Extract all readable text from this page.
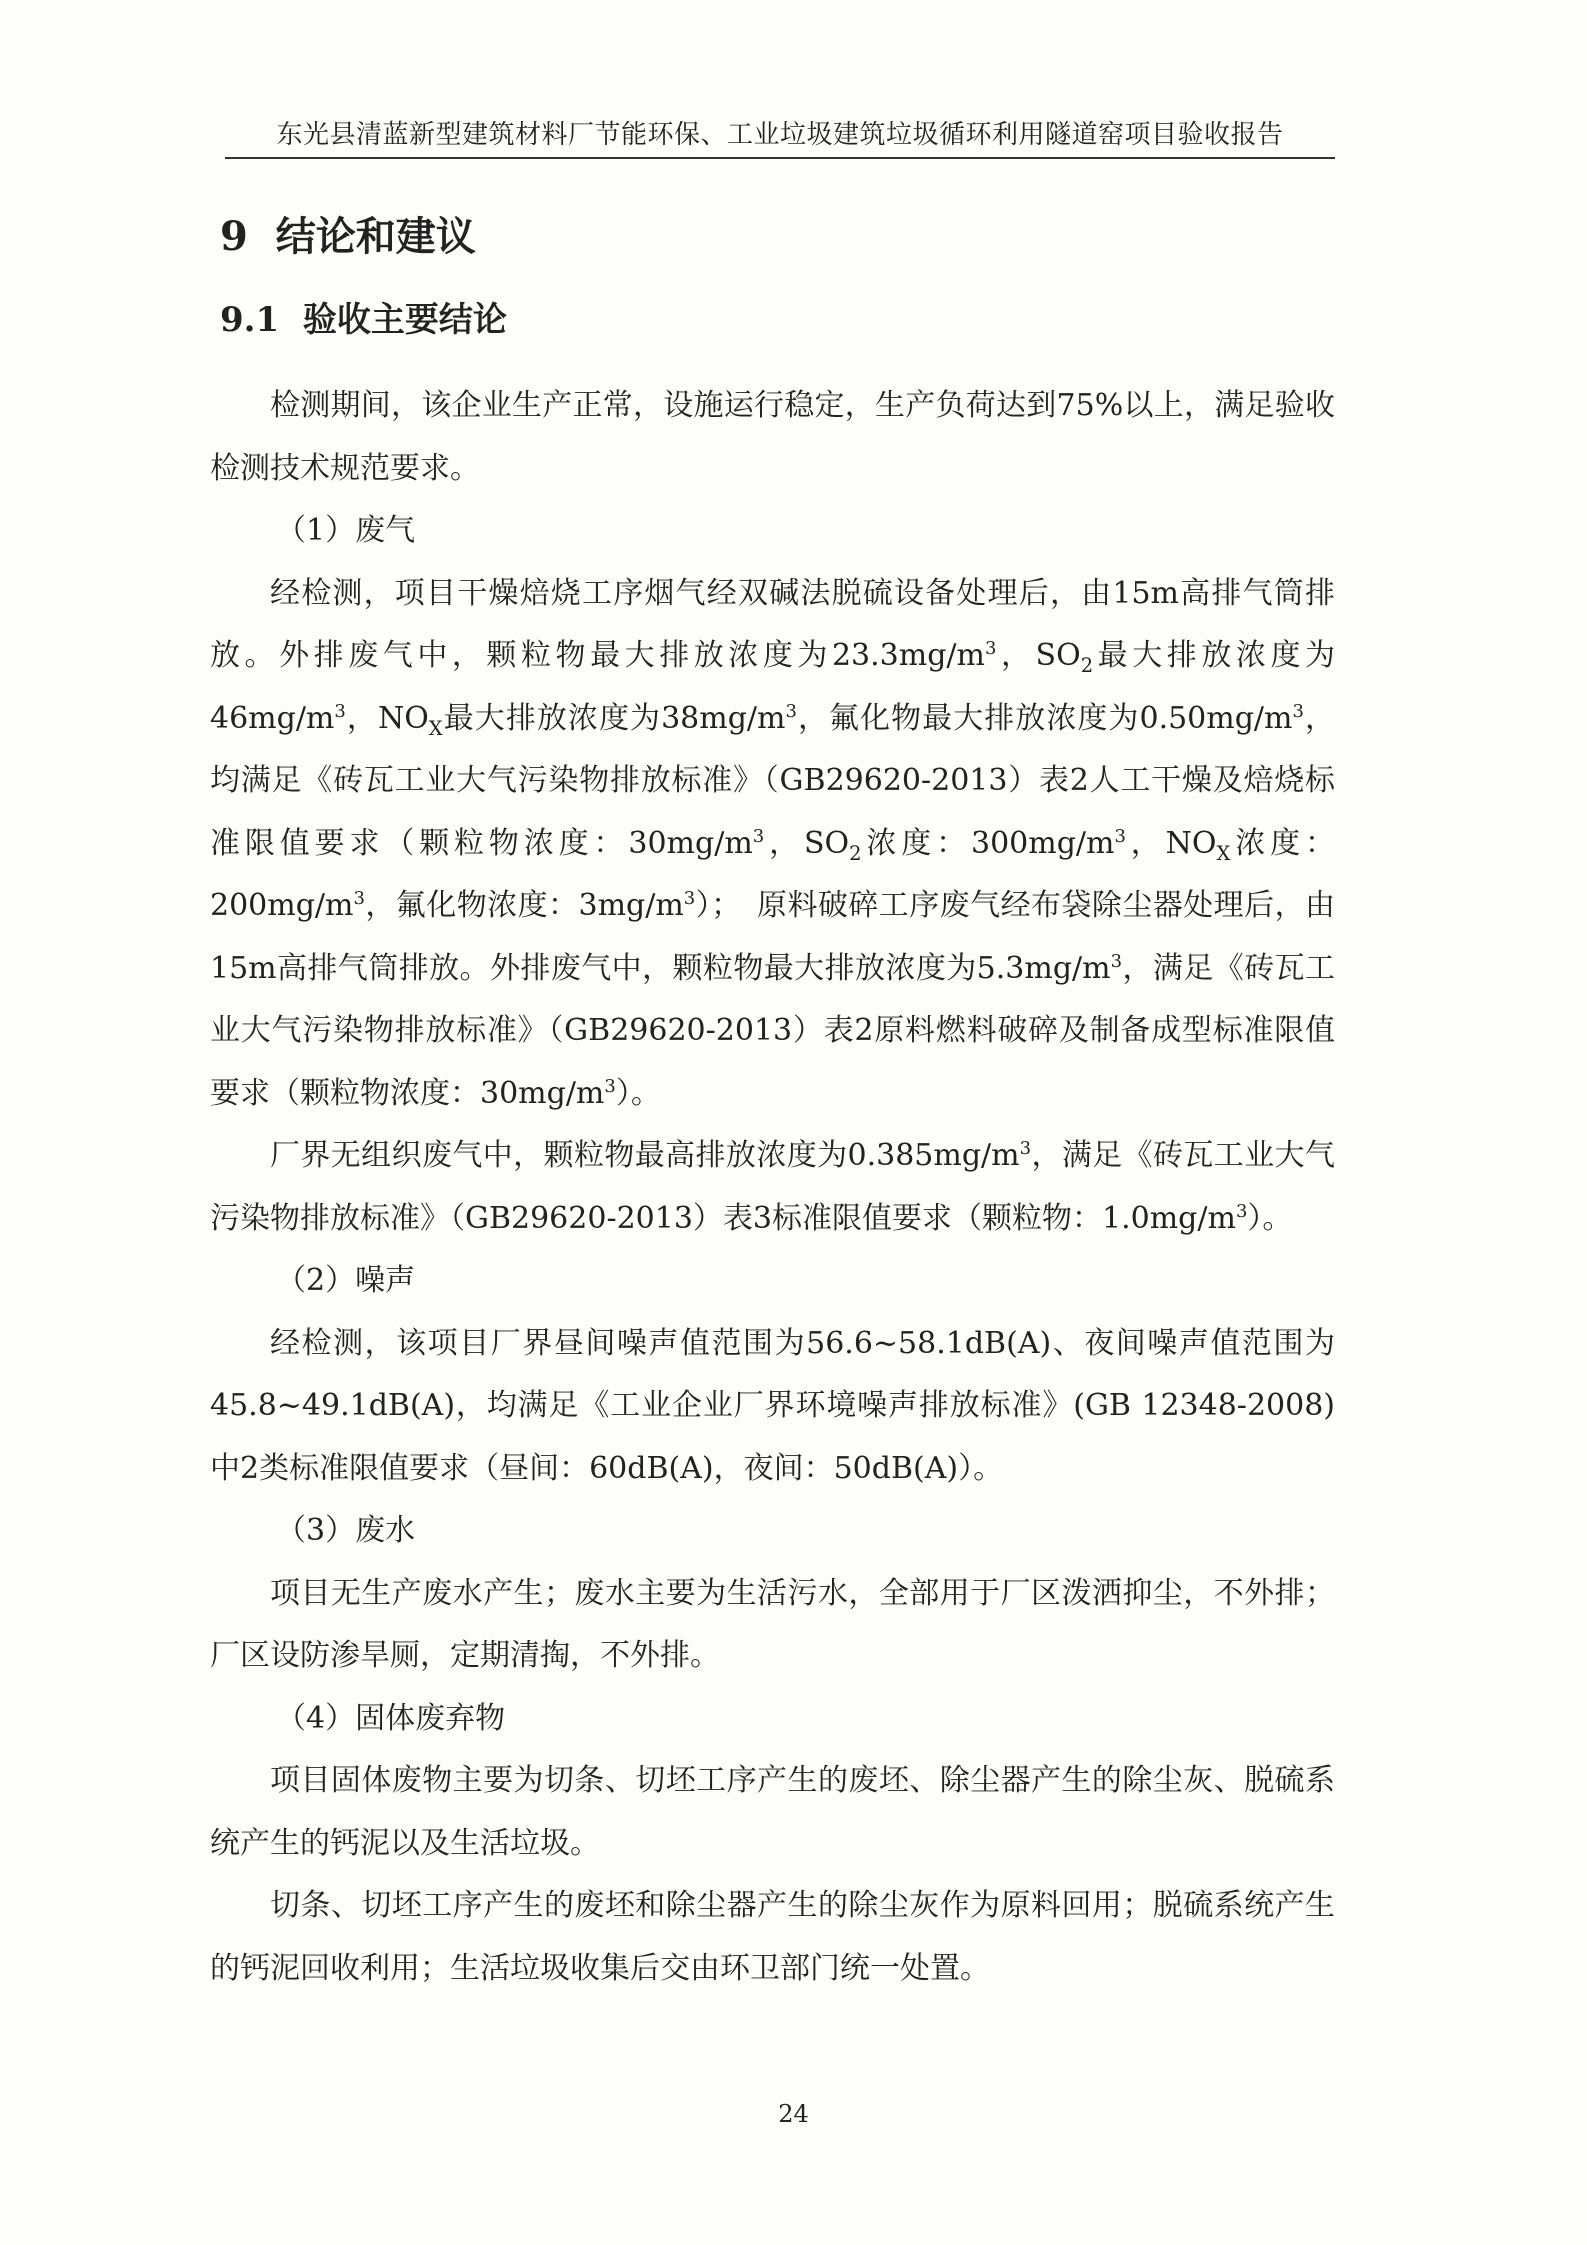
东光县清蓝新型建筑材料厂节能环保、工业垃圾建筑垃圾循环利用隧道窑项目验收报告
9 结论和建议
9.1 验收主要结论

检测期间，该企业生产正常，设施运行稳定，生产负荷达到75%以上，满足验收检测技术规范要求。

（1）废气

经检测，项目干燥焙烧工序烟气经双碱法脱硫设备处理后，由15m高排气筒排放。外排废气中，颗粒物最大排放浓度为$23.3mg/m^3$，$SO_2$最大排放浓度为$46mg/m^3$，$NO_X$最大排放浓度为$38mg/m^3$，氟化物最大排放浓度为$0.50mg/m^3$，均满足《砖瓦工业大气污染物排放标准》（GB29620-2013）表2人工干燥及焙烧标准限值要求（颗粒物浓度：$30mg/m^3$，$SO_2$浓度：$300mg/m^3$，$NO_X$浓度：$200mg/m^3$，氟化物浓度：$3mg/m^3$）；　原料破碎工序废气经布袋除尘器处理后，由15m高排气筒排放。外排废气中，颗粒物最大排放浓度为$5.3mg/m^3$，满足《砖瓦工业大气污染物排放标准》（GB29620-2013）表2原料燃料破碎及制备成型标准限值要求（颗粒物浓度：$30mg/m^3$）。

厂界无组织废气中，颗粒物最高排放浓度为$0.385mg/m^3$，满足《砖瓦工业大气污染物排放标准》（GB29620-2013）表3标准限值要求（颗粒物：$1.0mg/m^3$）。

（2）噪声

经检测，该项目厂界昼间噪声值范围为56.6~58.1dB(A)、夜间噪声值范围为45.8~49.1dB(A)，均满足《工业企业厂界环境噪声排放标准》(GB 12348-2008) 中2类标准限值要求（昼间：60dB(A)，夜间：50dB(A)）。

（3）废水

项目无生产废水产生；废水主要为生活污水，全部用于厂区泼洒抑尘，不外排；厂区设防渗旱厕，定期清掏，不外排。

（4）固体废弃物

项目固体废物主要为切条、切坯工序产生的废坯、除尘器产生的除尘灰、脱硫系统产生的钙泥以及生活垃圾。

切条、切坯工序产生的废坯和除尘器产生的除尘灰作为原料回用；脱硫系统产生的钙泥回收利用；生活垃圾收集后交由环卫部门统一处置。

24
